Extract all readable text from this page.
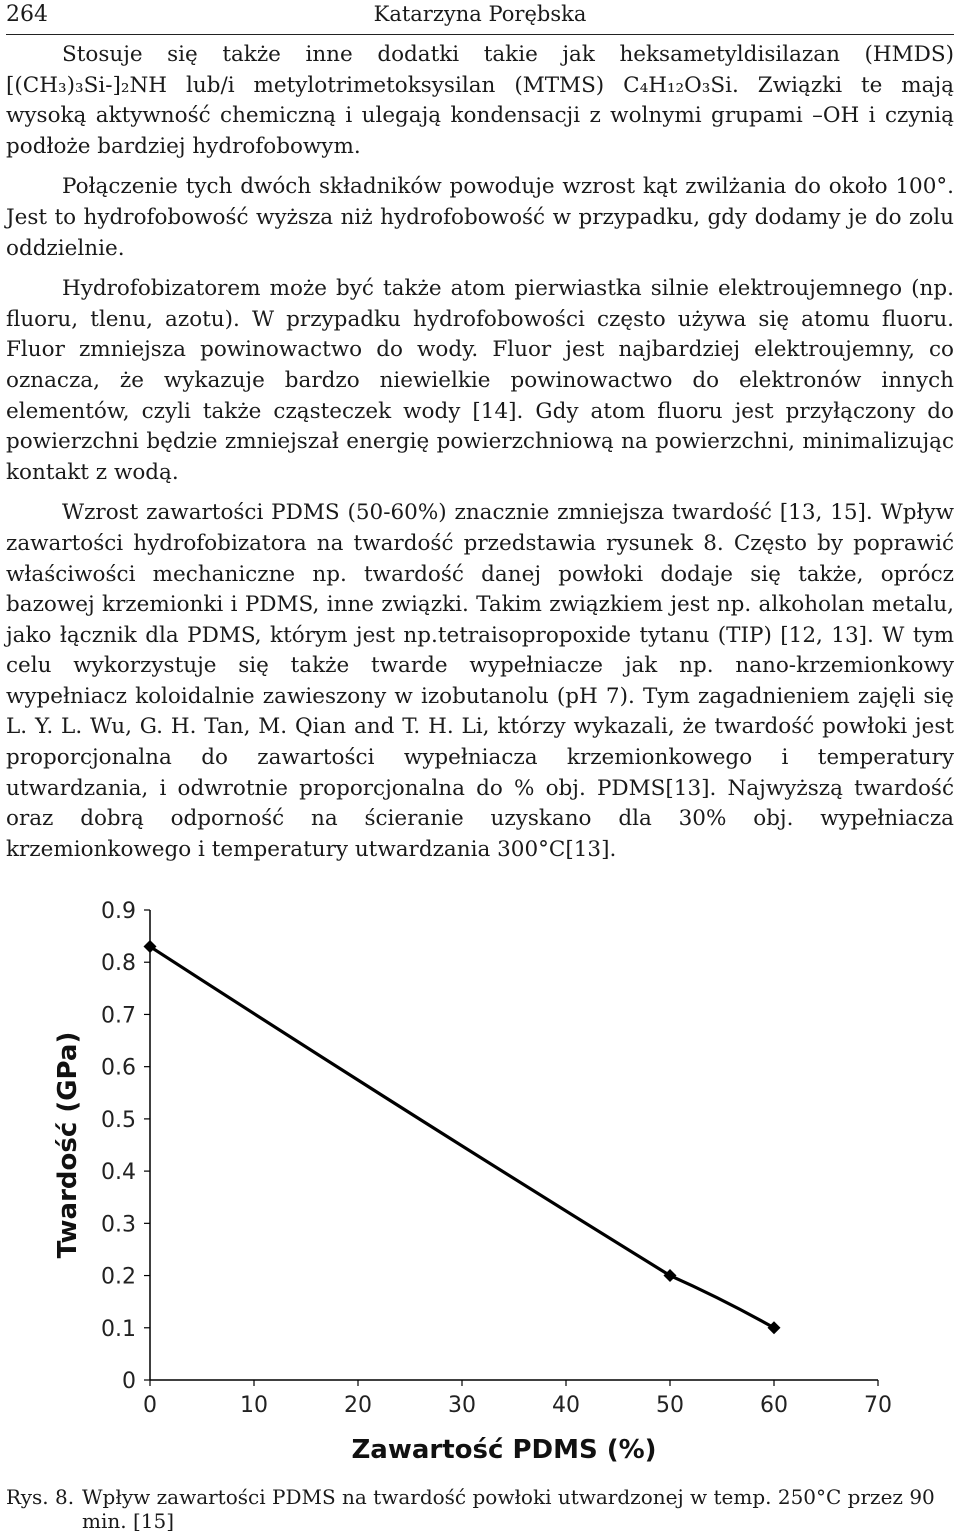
264	Katarzyna Porębska

Stosuje się także inne dodatki takie jak heksametyldisilazan (HMDS) [(CH₃)₃Si-]₂NH lub/i metylotrimetoksysilan (MTMS) C₄H₁₂O₃Si. Związki te mają wysoką aktywność chemiczną i ulegają kondensacji z wolnymi grupami –OH i czynią podłoże bardziej hydrofobowym.

Połączenie tych dwóch składników powoduje wzrost kąt zwilżania do około 100°. Jest to hydrofobowość wyższa niż hydrofobowość w przypadku, gdy dodamy je do zolu oddzielnie.

Hydrofobizatorem może być także atom pierwiastka silnie elektroujemnego (np. fluoru, tlenu, azotu). W przypadku hydrofobowości często używa się atomu fluoru. Fluor zmniejsza powinowactwo do wody. Fluor jest najbardziej elektroujemny, co oznacza, że wykazuje bardzo niewielkie powinowactwo do elektronów innych elementów, czyli także cząsteczek wody [14]. Gdy atom fluoru jest przyłączony do powierzchni będzie zmniejszał energię powierzchniową na powierzchni, minimalizując kontakt z wodą.

Wzrost zawartości PDMS (50-60%) znacznie zmniejsza twardość [13, 15]. Wpływ zawartości hydrofobizatora na twardość przedstawia rysunek 8. Często by poprawić właściwości mechaniczne np. twardość danej powłoki dodaje się także, oprócz bazowej krzemionki i PDMS, inne związki. Takim związkiem jest np. alkoholan metalu, jako łącznik dla PDMS, którym jest np.tetraisopropoxide tytanu (TIP) [12, 13]. W tym celu wykorzystuje się także twarde wypełniacze jak np. nano-krzemionkowy wypełniacz koloidalnie zawieszony w izobutanolu (pH 7). Tym zagadnieniem zajęli się L. Y. L. Wu, G. H. Tan, M. Qian and T. H. Li, którzy wykazali, że twardość powłoki jest proporcjonalna do zawartości wypełniacza krzemionkowego i temperatury utwardzania, i odwrotnie proporcjonalna do % obj. PDMS[13]. Najwyższą twardość oraz dobrą odporność na ścieranie uzyskano dla 30% obj. wypełniacza krzemionkowego i temperatury utwardzania 300°C[13].

0
0.1
0.2
0.3
0.4
0.5
0.6
0.7
0.8
0.9
0	10	20	30	40	50	60	70
Zawartość PDMS (%)
Twardość (GPa)
Rys. 8. Wpływ zawartości PDMS na twardość powłoki utwardzonej w temp. 250°C przez 90 min. [15]
